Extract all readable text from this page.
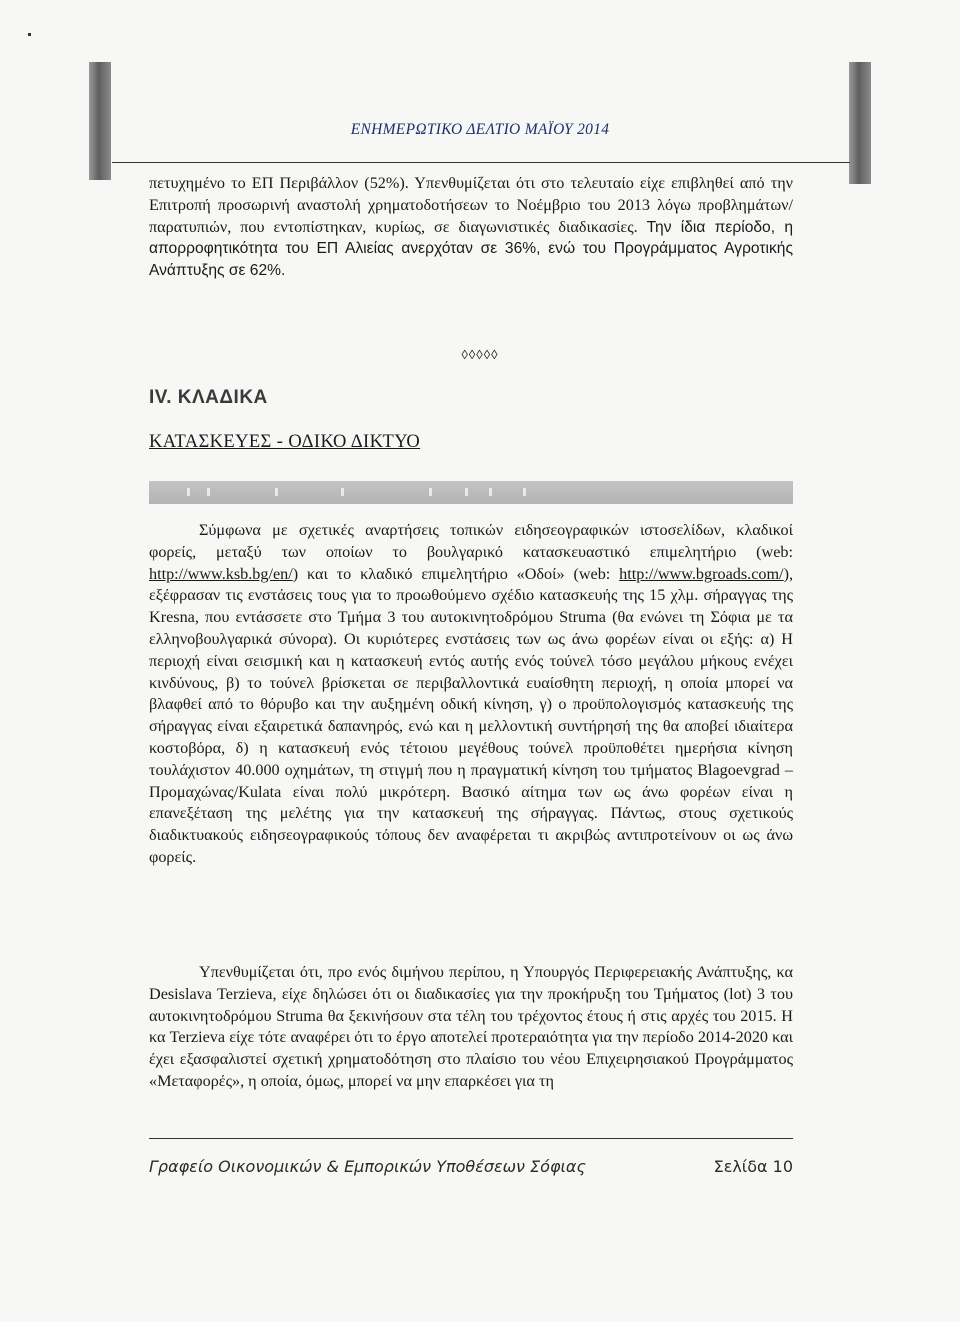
ΕΝΗΜΕΡΩΤΙΚΟ ΔΕΛΤΙΟ ΜΑΪΟΥ 2014
πετυχημένο το ΕΠ Περιβάλλον (52%). Υπενθυμίζεται ότι στο τελευταίο είχε επιβληθεί από την Επιτροπή προσωρινή αναστολή χρηματοδοτήσεων το Νοέμβριο του 2013 λόγω προβλημάτων/παρατυπιών, που εντοπίστηκαν, κυρίως, σε διαγωνιστικές διαδικασίες. Την ίδια περίοδο, η απορροφητικότητα του ΕΠ Αλιείας ανερχόταν σε 36%, ενώ του Προγράμματος Αγροτικής Ανάπτυξης σε 62%.
◊◊◊◊◊
IV. ΚΛΑΔΙΚΑ
ΚΑΤΑΣΚΕΥΕΣ - ΟΔΙΚΟ ΔΙΚΤΥΟ
Σύμφωνα με σχετικές αναρτήσεις τοπικών ειδησεογραφικών ιστοσελίδων, κλαδικοί φορείς, μεταξύ των οποίων το βουλγαρικό κατασκευαστικό επιμελητήριο (web: http://www.ksb.bg/en/) και το κλαδικό επιμελητήριο «Οδοί» (web: http://www.bgroads.com/), εξέφρασαν τις ενστάσεις τους για το προωθούμενο σχέδιο κατασκευής της 15 χλμ. σήραγγας της Kresna, που εντάσσετε στο Τμήμα 3 του αυτοκινητοδρόμου Struma (θα ενώνει τη Σόφια με τα ελληνοβουλγαρικά σύνορα). Οι κυριότερες ενστάσεις των ως άνω φορέων είναι οι εξής: α) Η περιοχή είναι σεισμική και η κατασκευή εντός αυτής ενός τούνελ τόσο μεγάλου μήκους ενέχει κινδύνους, β) το τούνελ βρίσκεται σε περιβαλλοντικά ευαίσθητη περιοχή, η οποία μπορεί να βλαφθεί από το θόρυβο και την αυξημένη οδική κίνηση, γ) ο προϋπολογισμός κατασκευής της σήραγγας είναι εξαιρετικά δαπανηρός, ενώ και η μελλοντική συντήρησή της θα αποβεί ιδιαίτερα κοστοβόρα, δ) η κατασκευή ενός τέτοιου μεγέθους τούνελ προϋποθέτει ημερήσια κίνηση τουλάχιστον 40.000 οχημάτων, τη στιγμή που η πραγματική κίνηση του τμήματος Blagoevgrad – Προμαχώνας/Kulata είναι πολύ μικρότερη. Βασικό αίτημα των ως άνω φορέων είναι η επανεξέταση της μελέτης για την κατασκευή της σήραγγας. Πάντως, στους σχετικούς διαδικτυακούς ειδησεογραφικούς τόπους δεν αναφέρεται τι ακριβώς αντιπροτείνουν οι ως άνω φορείς.
Υπενθυμίζεται ότι, προ ενός διμήνου περίπου, η Υπουργός Περιφερειακής Ανάπτυξης, κα Desislava Terzieva, είχε δηλώσει ότι οι διαδικασίες για την προκήρυξη του Τμήματος (lot) 3 του αυτοκινητοδρόμου Struma θα ξεκινήσουν στα τέλη του τρέχοντος έτους ή στις αρχές του 2015. Η κα Terzieva είχε τότε αναφέρει ότι το έργο αποτελεί προτεραιότητα για την περίοδο 2014-2020 και έχει εξασφαλιστεί σχετική χρηματοδότηση στο πλαίσιο του νέου Επιχειρησιακού Προγράμματος «Μεταφορές», η οποία, όμως, μπορεί να μην επαρκέσει για τη
Γραφείο Οικονομικών & Εμπορικών Υποθέσεων Σόφιας	Σελίδα 10
